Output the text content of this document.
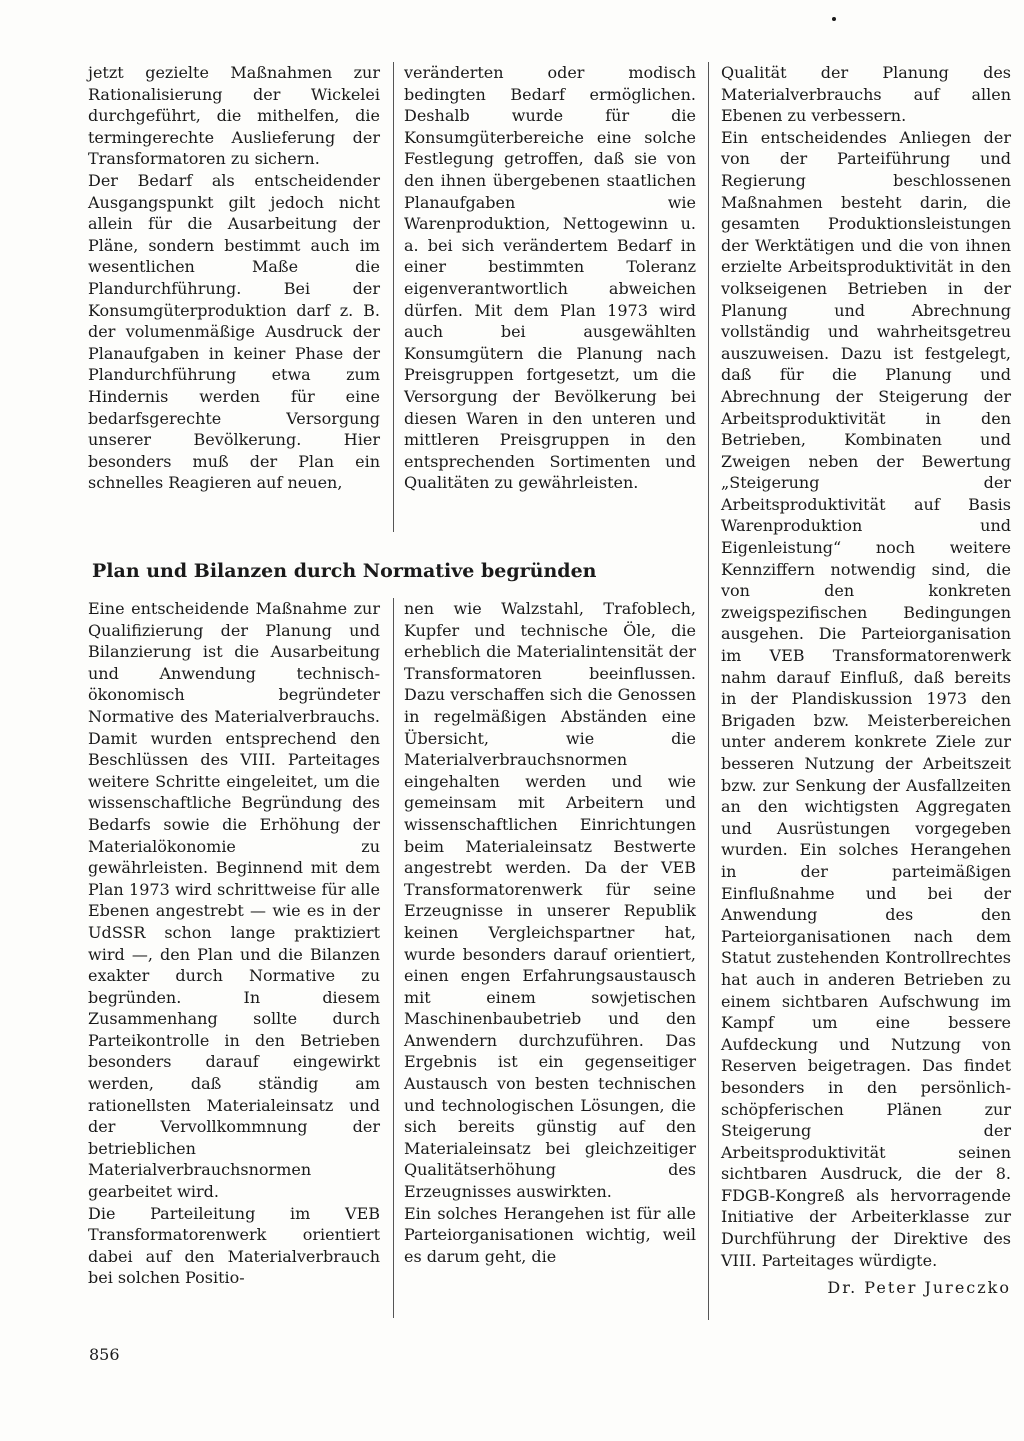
jetzt gezielte Maßnahmen zur Rationalisierung der Wickelei durchgeführt, die mithelfen, die termingerechte Auslieferung der Transformatoren zu sichern.

Der Bedarf als entscheidender Ausgangspunkt gilt jedoch nicht allein für die Ausarbeitung der Pläne, sondern bestimmt auch im wesentlichen Maße die Plandurchführung. Bei der Konsumgüterproduktion darf z. B. der volumenmäßige Ausdruck der Planaufgaben in keiner Phase der Plandurchführung etwa zum Hindernis werden für eine bedarfsgerechte Versorgung unserer Bevölkerung. Hier besonders muß der Plan ein schnelles Reagieren auf neuen,

veränderten oder modisch bedingten Bedarf ermöglichen. Deshalb wurde für die Konsumgüterbereiche eine solche Festlegung getroffen, daß sie von den ihnen übergebenen staatlichen Planaufgaben wie Warenproduktion, Nettogewinn u. a. bei sich verändertem Bedarf in einer bestimmten Toleranz eigenverantwortlich abweichen dürfen. Mit dem Plan 1973 wird auch bei ausgewählten Konsumgütern die Planung nach Preisgruppen fortgesetzt, um die Versorgung der Bevölkerung bei diesen Waren in den unteren und mittleren Preisgruppen in den entsprechenden Sortimenten und Qualitäten zu gewährleisten.

Plan und Bilanzen durch Normative begründen

Eine entscheidende Maßnahme zur Qualifizierung der Planung und Bilanzierung ist die Ausarbeitung und Anwendung technisch-ökonomisch begründeter Normative des Materialverbrauchs. Damit wurden entsprechend den Beschlüssen des VIII. Parteitages weitere Schritte eingeleitet, um die wissenschaftliche Begründung des Bedarfs sowie die Erhöhung der Materialökonomie zu gewährleisten. Beginnend mit dem Plan 1973 wird schrittweise für alle Ebenen angestrebt — wie es in der UdSSR schon lange praktiziert wird —, den Plan und die Bilanzen exakter durch Normative zu begründen. In diesem Zusammenhang sollte durch Parteikontrolle in den Betrieben besonders darauf eingewirkt werden, daß ständig am rationellsten Materialeinsatz und der Vervollkommnung der betrieblichen Materialverbrauchsnormen gearbeitet wird.

Die Parteileitung im VEB Transformatorenwerk orientiert dabei auf den Materialverbrauch bei solchen Positio-

nen wie Walzstahl, Trafoblech, Kupfer und technische Öle, die erheblich die Materialintensität der Transformatoren beeinflussen. Dazu verschaffen sich die Genossen in regelmäßigen Abständen eine Übersicht, wie die Materialverbrauchsnormen eingehalten werden und wie gemeinsam mit Arbeitern und wissenschaftlichen Einrichtungen beim Materialeinsatz Bestwerte angestrebt werden. Da der VEB Transformatorenwerk für seine Erzeugnisse in unserer Republik keinen Vergleichspartner hat, wurde besonders darauf orientiert, einen engen Erfahrungsaustausch mit einem sowjetischen Maschinenbaubetrieb und den Anwendern durchzuführen. Das Ergebnis ist ein gegenseitiger Austausch von besten technischen und technologischen Lösungen, die sich bereits günstig auf den Materialeinsatz bei gleichzeitiger Qualitätserhöhung des Erzeugnisses auswirkten.

Ein solches Herangehen ist für alle Parteiorganisationen wichtig, weil es darum geht, die

Qualität der Planung des Materialverbrauchs auf allen Ebenen zu verbessern.

Ein entscheidendes Anliegen der von der Parteiführung und Regierung beschlossenen Maßnahmen besteht darin, die gesamten Produktionsleistungen der Werktätigen und die von ihnen erzielte Arbeitsproduktivität in den volkseigenen Betrieben in der Planung und Abrechnung vollständig und wahrheitsgetreu auszuweisen. Dazu ist festgelegt, daß für die Planung und Abrechnung der Steigerung der Arbeitsproduktivität in den Betrieben, Kombinaten und Zweigen neben der Bewertung „Steigerung der Arbeitsproduktivität auf Basis Warenproduktion und Eigenleistung“ noch weitere Kennziffern notwendig sind, die von den konkreten zweigspezifischen Bedingungen ausgehen. Die Parteiorganisation im VEB Transformatorenwerk nahm darauf Einfluß, daß bereits in der Plandiskussion 1973 den Brigaden bzw. Meisterbereichen unter anderem konkrete Ziele zur besseren Nutzung der Arbeitszeit bzw. zur Senkung der Ausfallzeiten an den wichtigsten Aggregaten und Ausrüstungen vorgegeben wurden. Ein solches Herangehen in der parteimäßigen Einflußnahme und bei der Anwendung des den Parteiorganisationen nach dem Statut zustehenden Kontrollrechtes hat auch in anderen Betrieben zu einem sichtbaren Aufschwung im Kampf um eine bessere Aufdeckung und Nutzung von Reserven beigetragen. Das findet besonders in den persönlich-schöpferischen Plänen zur Steigerung der Arbeitsproduktivität seinen sichtbaren Ausdruck, die der 8. FDGB-Kongreß als hervorragende Initiative der Arbeiterklasse zur Durchführung der Direktive des VIII. Parteitages würdigte.

Dr. Peter Jureczko

856
